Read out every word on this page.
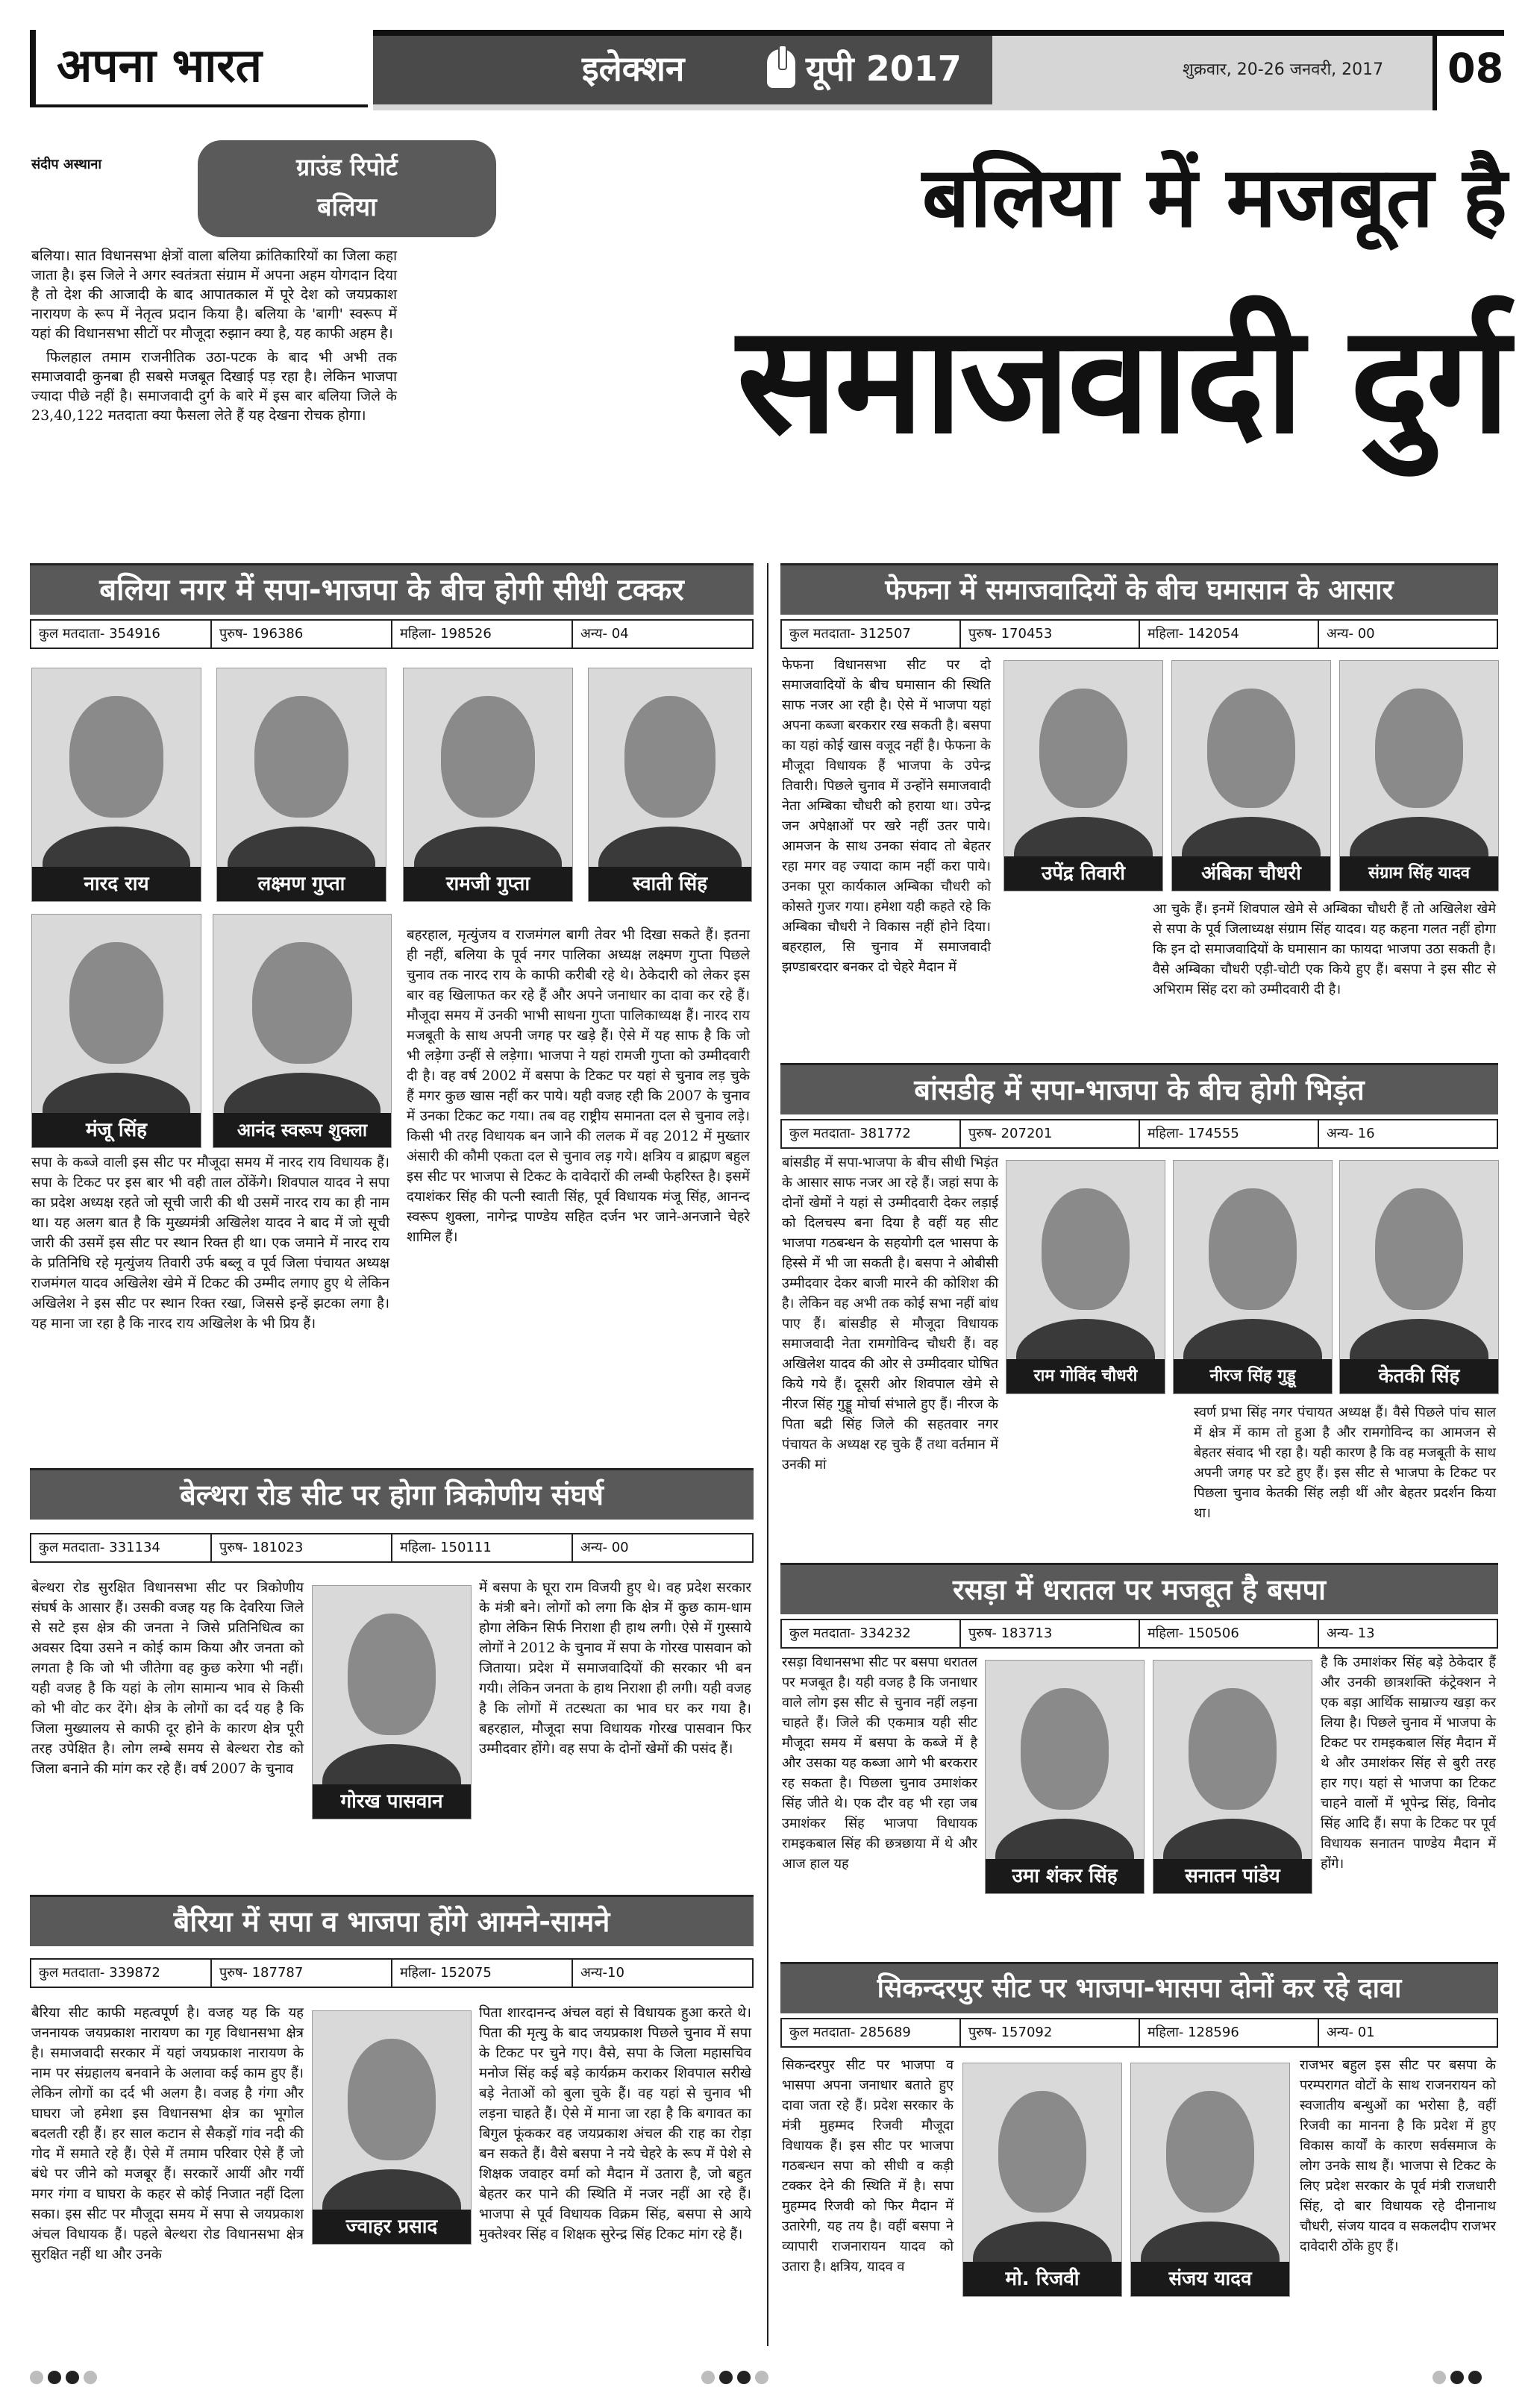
अपना भारत	इलेक्शन	यूपी 2017	शुक्रवार, 20-26 जनवरी, 2017 08
संदीप अस्थाना	ग्राउंड रिपोर्ट
बलिया

बलिया। सात विधानसभा क्षेत्रों वाला बलिया क्रांतिकारियों का जिला कहा जाता है। इस जिले ने अगर स्वतंत्रता संग्राम में अपना अहम योगदान दिया है तो देश की आजादी के बाद आपातकाल में पूरे देश को जयप्रकाश नारायण के रूप में नेतृत्व प्रदान किया है। बलिया के 'बागी' स्वरूप में यहां की विधानसभा सीटों पर मौजूदा रुझान क्या है, यह काफी अहम है।

फिलहाल तमाम राजनीतिक उठा-पटक के बाद भी अभी तक समाजवादी कुनबा ही सबसे मजबूत दिखाई पड़ रहा है। लेकिन भाजपा ज्यादा पीछे नहीं है। समाजवादी दुर्ग के बारे में इस बार बलिया जिले के 23,40,122 मतदाता क्या फैसला लेते हैं यह देखना रोचक होगा।

बलिया में मजबूत है
समाजवादी दुर्ग
बलिया नगर में सपा-भाजपा के बीच होगी सीधी टक्कर
कुल मतदाता- 354916	पुरुष- 196386	महिला- 198526	अन्य- 04
नारद राय	लक्ष्मण गुप्ता	रामजी गुप्ता	स्वाती सिंह
मंजू सिंह	आनंद स्वरूप शुक्ला
बहरहाल, मृत्युंजय व राजमंगल बागी तेवर भी दिखा सकते हैं। इतना ही नहीं, बलिया के पूर्व नगर पालिका अध्यक्ष लक्ष्मण गुप्ता पिछले चुनाव तक नारद राय के काफी करीबी रहे थे। ठेकेदारी को लेकर इस बार वह खिलाफत कर रहे हैं और अपने जनाधार का दावा कर रहे हैं। मौजूदा समय में उनकी भाभी साधना गुप्ता पालिकाध्यक्ष हैं। नारद राय मजबूती के साथ अपनी जगह पर खड़े हैं। ऐसे में यह साफ है कि जो भी लड़ेगा उन्हीं से लड़ेगा। भाजपा ने यहां रामजी गुप्ता को उम्मीदवारी दी है। वह वर्ष 2002 में बसपा के टिकट पर यहां से चुनाव लड़ चुके हैं मगर कुछ खास नहीं कर पाये। यही वजह रही कि 2007 के चुनाव में उनका टिकट कट गया। तब वह राष्ट्रीय समानता दल से चुनाव लड़े। किसी भी तरह विधायक बन जाने की ललक में वह 2012 में मुख्तार अंसारी की कौमी एकता दल से चुनाव लड़ गये। क्षत्रिय व ब्राह्मण बहुल इस सीट पर भाजपा से टिकट के दावेदारों की लम्बी फेहरिस्त है। इसमें दयाशंकर सिंह की पत्नी स्वाती सिंह, पूर्व विधायक मंजू सिंह, आनन्द स्वरूप शुक्ला, नागेन्द्र पाण्डेय सहित दर्जन भर जाने-अनजाने चेहरे शामिल हैं।
सपा के कब्जे वाली इस सीट पर मौजूदा समय में नारद राय विधायक हैं। सपा के टिकट पर इस बार भी वही ताल ठोंकेंगे। शिवपाल यादव ने सपा का प्रदेश अध्यक्ष रहते जो सूची जारी की थी उसमें नारद राय का ही नाम था। यह अलग बात है कि मुख्यमंत्री अखिलेश यादव ने बाद में जो सूची जारी की उसमें इस सीट पर स्थान रिक्त ही था। एक जमाने में नारद राय के प्रतिनिधि रहे मृत्युंजय तिवारी उर्फ बब्लू व पूर्व जिला पंचायत अध्यक्ष राजमंगल यादव अखिलेश खेमे में टिकट की उम्मीद लगाए हुए थे लेकिन अखिलेश ने इस सीट पर स्थान रिक्त रखा, जिससे इन्हें झटका लगा है। यह माना जा रहा है कि नारद राय अखिलेश के भी प्रिय हैं।
बेल्थरा रोड सीट पर होगा त्रिकोणीय संघर्ष
कुल मतदाता- 331134	पुरुष- 181023	महिला- 150111	अन्य- 00
बेल्थरा रोड सुरक्षित विधानसभा सीट पर त्रिकोणीय संघर्ष के आसार हैं। उसकी वजह यह कि देवरिया जिले से सटे इस क्षेत्र की जनता ने जिसे प्रतिनिधित्व का अवसर दिया उसने न कोई काम किया और जनता को लगता है कि जो भी जीतेगा वह कुछ करेगा भी नहीं। यही वजह है कि यहां के लोग सामान्य भाव से किसी को भी वोट कर देंगे। क्षेत्र के लोगों का दर्द यह है कि जिला मुख्यालय से काफी दूर होने के कारण क्षेत्र पूरी तरह उपेक्षित है। लोग लम्बे समय से बेल्थरा रोड को जिला बनाने की मांग कर रहे हैं। वर्ष 2007 के चुनाव
गोरख पासवान
में बसपा के घूरा राम विजयी हुए थे। वह प्रदेश सरकार के मंत्री बने। लोगों को लगा कि क्षेत्र में कुछ काम-धाम होगा लेकिन सिर्फ निराशा ही हाथ लगी। ऐसे में गुस्साये लोगों ने 2012 के चुनाव में सपा के गोरख पासवान को जिताया। प्रदेश में समाजवादियों की सरकार भी बन गयी। लेकिन जनता के हाथ निराशा ही लगी। यही वजह है कि लोगों में तटस्थता का भाव घर कर गया है। बहरहाल, मौजूदा सपा विधायक गोरख पासवान फिर उम्मीदवार होंगे। वह सपा के दोनों खेमों की पसंद हैं।
बैरिया में सपा व भाजपा होंगे आमने-सामने
कुल मतदाता- 339872	पुरुष- 187787	महिला- 152075	अन्य-10
बैरिया सीट काफी महत्वपूर्ण है। वजह यह कि यह जननायक जयप्रकाश नारायण का गृह विधानसभा क्षेत्र है। समाजवादी सरकार में यहां जयप्रकाश नारायण के नाम पर संग्रहालय बनवाने के अलावा कई काम हुए हैं। लेकिन लोगों का दर्द भी अलग है। वजह है गंगा और घाघरा जो हमेशा इस विधानसभा क्षेत्र का भूगोल बदलती रही हैं। हर साल कटान से सैकड़ों गांव नदी की गोद में समाते रहे हैं। ऐसे में तमाम परिवार ऐसे हैं जो बंधे पर जीने को मजबूर हैं। सरकारें आयीं और गयीं मगर गंगा व घाघरा के कहर से कोई निजात नहीं दिला सका। इस सीट पर मौजूदा समय में सपा से जयप्रकाश अंचल विधायक हैं। पहले बेल्थरा रोड विधानसभा क्षेत्र सुरक्षित नहीं था और उनके
ज्वाहर प्रसाद
पिता शारदानन्द अंचल वहां से विधायक हुआ करते थे। पिता की मृत्यु के बाद जयप्रकाश पिछले चुनाव में सपा के टिकट पर चुने गए। वैसे, सपा के जिला महासचिव मनोज सिंह कई बड़े कार्यक्रम कराकर शिवपाल सरीखे बड़े नेताओं को बुला चुके हैं। वह यहां से चुनाव भी लड़ना चाहते हैं। ऐसे में माना जा रहा है कि बगावत का बिगुल फूंककर वह जयप्रकाश अंचल की राह का रोड़ा बन सकते हैं। वैसे बसपा ने नये चेहरे के रूप में पेशे से शिक्षक जवाहर वर्मा को मैदान में उतारा है, जो बहुत बेहतर कर पाने की स्थिति में नजर नहीं आ रहे हैं। भाजपा से पूर्व विधायक विक्रम सिंह, बसपा से आये मुक्तेश्वर सिंह व शिक्षक सुरेन्द्र सिंह टिकट मांग रहे हैं।
फेफना में समाजवादियों के बीच घमासान के आसार
कुल मतदाता- 312507	पुरुष- 170453	महिला- 142054	अन्य- 00
फेफना विधानसभा सीट पर दो समाजवादियों के बीच घमासान की स्थिति साफ नजर आ रही है। ऐसे में भाजपा यहां अपना कब्जा बरकरार रख सकती है। बसपा का यहां कोई खास वजूद नहीं है। फेफना के मौजूदा विधायक हैं भाजपा के उपेन्द्र तिवारी। पिछले चुनाव में उन्होंने समाजवादी नेता अम्बिका चौधरी को हराया था। उपेन्द्र जन अपेक्षाओं पर खरे नहीं उतर पाये। आमजन के साथ उनका संवाद तो बेहतर रहा मगर वह ज्यादा काम नहीं करा पाये। उनका पूरा कार्यकाल अम्बिका चौधरी को कोसते गुजर गया। हमेशा यही कहते रहे कि अम्बिका चौधरी ने विकास नहीं होने दिया। बहरहाल, सि चुनाव में समाजवादी झण्डाबरदार बनकर दो चेहरे मैदान में
उपेंद्र तिवारी	अंबिका चौधरी	संग्राम सिंह यादव
आ चुके हैं। इनमें शिवपाल खेमे से अम्बिका चौधरी हैं तो अखिलेश खेमे से सपा के पूर्व जिलाध्यक्ष संग्राम सिंह यादव। यह कहना गलत नहीं होगा कि इन दो समाजवादियों के घमासान का फायदा भाजपा उठा सकती है। वैसे अम्बिका चौधरी एड़ी-चोटी एक किये हुए हैं। बसपा ने इस सीट से अभिराम सिंह दरा को उम्मीदवारी दी है।
बांसडीह में सपा-भाजपा के बीच होगी भिड़ंत
कुल मतदाता- 381772	पुरुष- 207201	महिला- 174555	अन्य- 16
बांसडीह में सपा-भाजपा के बीच सीधी भिड़ंत के आसार साफ नजर आ रहे हैं। जहां सपा के दोनों खेमों ने यहां से उम्मीदवारी देकर लड़ाई को दिलचस्प बना दिया है वहीं यह सीट भाजपा गठबन्धन के सहयोगी दल भासपा के हिस्से में भी जा सकती है। बसपा ने ओबीसी उम्मीदवार देकर बाजी मारने की कोशिश की है। लेकिन वह अभी तक कोई सभा नहीं बांध पाए हैं। बांसडीह से मौजूदा विधायक समाजवादी नेता रामगोविन्द चौधरी हैं। वह अखिलेश यादव की ओर से उम्मीदवार घोषित किये गये हैं। दूसरी ओर शिवपाल खेमे से नीरज सिंह गुड्डू मोर्चा संभाले हुए हैं। नीरज के पिता बद्री सिंह जिले की सहतवार नगर पंचायत के अध्यक्ष रह चुके हैं तथा वर्तमान में उनकी मां
राम गोविंद चौधरी	नीरज सिंह गुड्डू	केतकी सिंह
स्वर्ण प्रभा सिंह नगर पंचायत अध्यक्ष हैं। वैसे पिछले पांच साल में क्षेत्र में काम तो हुआ है और रामगोविन्द का आमजन से बेहतर संवाद भी रहा है। यही कारण है कि वह मजबूती के साथ अपनी जगह पर डटे हुए हैं। इस सीट से भाजपा के टिकट पर पिछला चुनाव केतकी सिंह लड़ी थीं और बेहतर प्रदर्शन किया था।
रसड़ा में धरातल पर मजबूत है बसपा
कुल मतदाता- 334232	पुरुष- 183713	महिला- 150506	अन्य- 13
रसड़ा विधानसभा सीट पर बसपा धरातल पर मजबूत है। यही वजह है कि जनाधार वाले लोग इस सीट से चुनाव नहीं लड़ना चाहते हैं। जिले की एकमात्र यही सीट मौजूदा समय में बसपा के कब्जे में है और उसका यह कब्जा आगे भी बरकरार रह सकता है। पिछला चुनाव उमाशंकर सिंह जीते थे। एक दौर वह भी रहा जब उमाशंकर सिंह भाजपा विधायक रामइकबाल सिंह की छत्रछाया में थे और आज हाल यह
उमा शंकर सिंह	सनातन पांडेय
है कि उमाशंकर सिंह बड़े ठेकेदार हैं और उनकी छात्रशक्ति कंट्रेक्शन ने एक बड़ा आर्थिक साम्राज्य खड़ा कर लिया है। पिछले चुनाव में भाजपा के टिकट पर रामइकबाल सिंह मैदान में थे और उमाशंकर सिंह से बुरी तरह हार गए। यहां से भाजपा का टिकट चाहने वालों में भूपेन्द्र सिंह, विनोद सिंह आदि हैं। सपा के टिकट पर पूर्व विधायक सनातन पाण्डेय मैदान में होंगे।
सिकन्दरपुर सीट पर भाजपा-भासपा दोनों कर रहे दावा
कुल मतदाता- 285689	पुरुष- 157092	महिला- 128596	अन्य- 01
सिकन्दरपुर सीट पर भाजपा व भासपा अपना जनाधार बताते हुए दावा जता रहे हैं। प्रदेश सरकार के मंत्री मुहम्मद रिजवी मौजूदा विधायक हैं। इस सीट पर भाजपा गठबन्धन सपा को सीधी व कड़ी टक्कर देने की स्थिति में है। सपा मुहम्मद रिजवी को फिर मैदान में उतारेगी, यह तय है। वहीं बसपा ने व्यापारी राजनारायन यादव को उतारा है। क्षत्रिय, यादव व
मो. रिजवी	संजय यादव
राजभर बहुल इस सीट पर बसपा के परम्परागत वोटों के साथ राजनरायन को स्वजातीय बन्धुओं का भरोसा है, वहीं रिजवी का मानना है कि प्रदेश में हुए विकास कार्यों के कारण सर्वसमाज के लोग उनके साथ हैं। भाजपा से टिकट के लिए प्रदेश सरकार के पूर्व मंत्री राजधारी सिंह, दो बार विधायक रहे दीनानाथ चौधरी, संजय यादव व सकलदीप राजभर दावेदारी ठोंके हुए हैं।
